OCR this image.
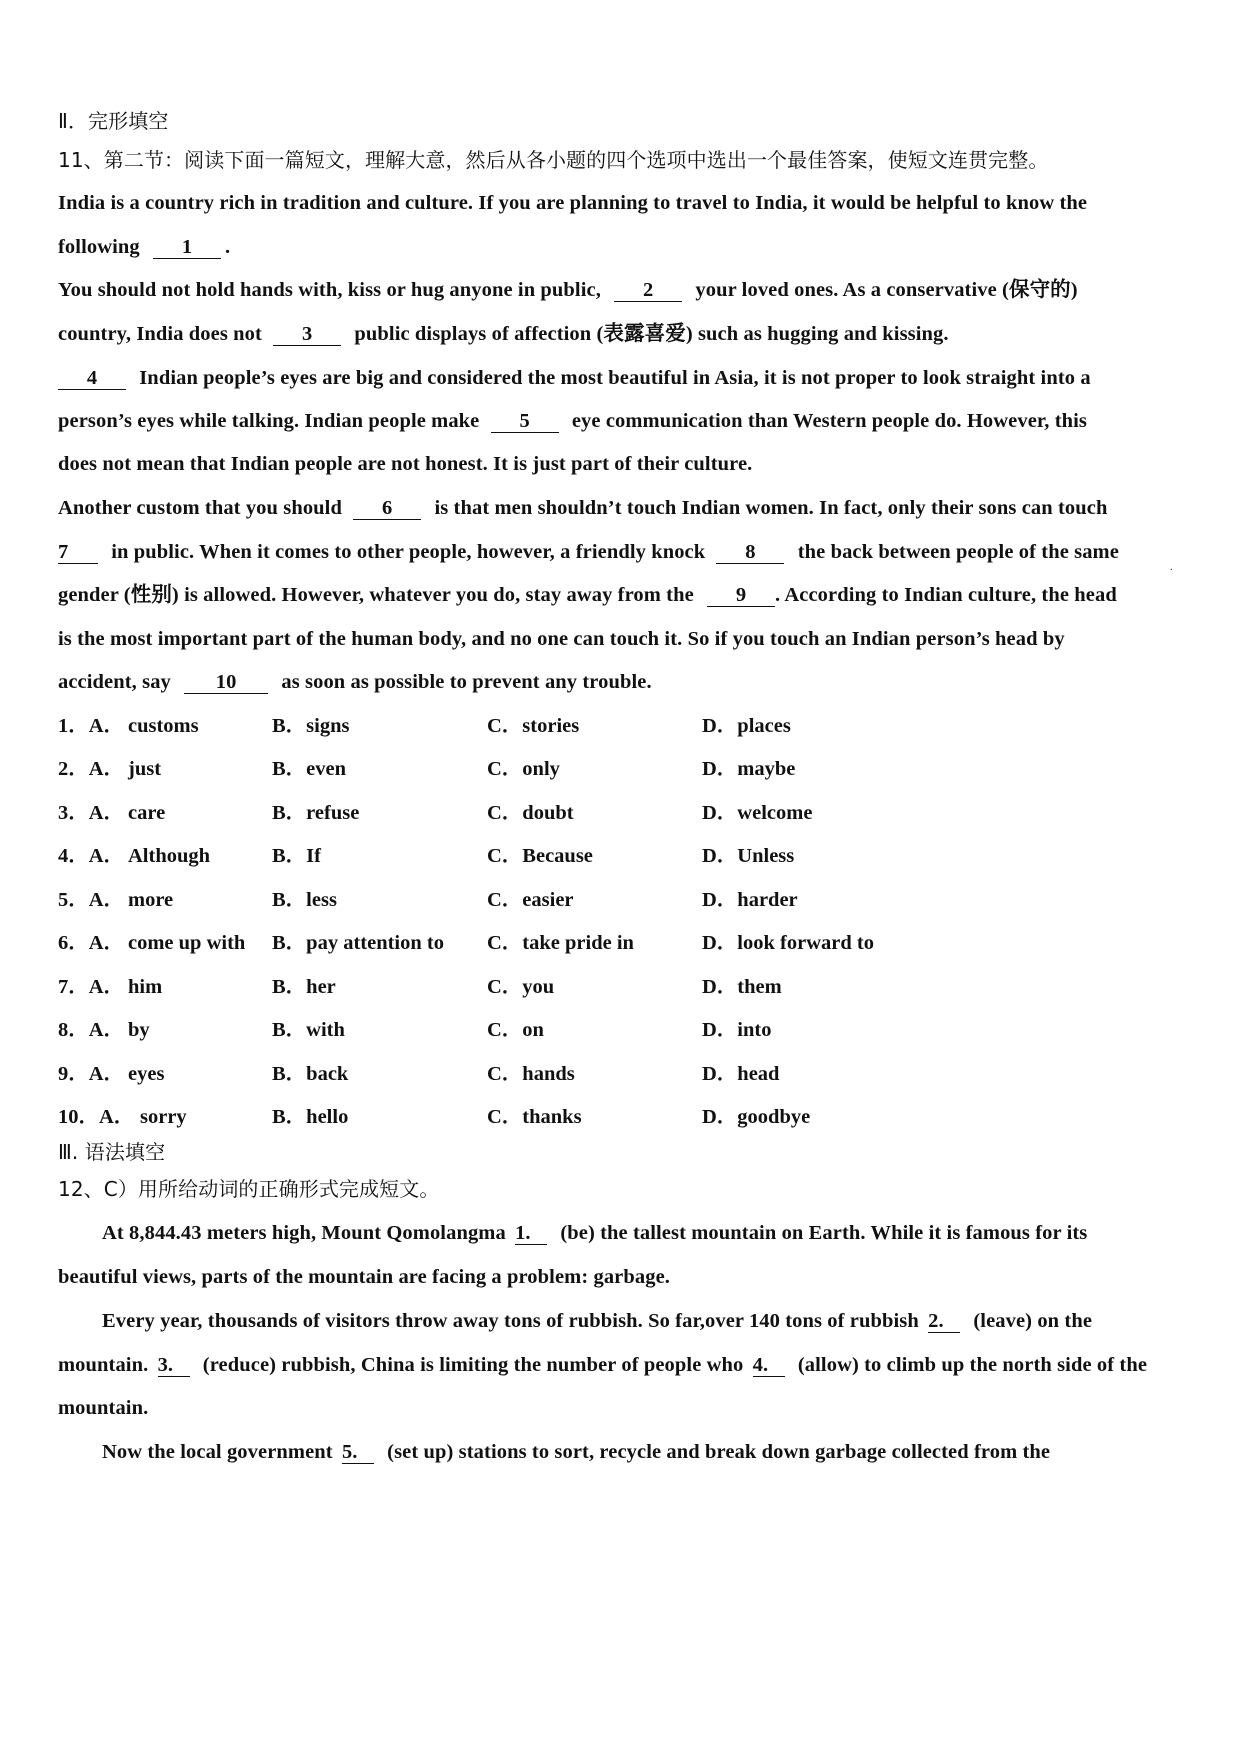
Ⅱ．完形填空
11、第二节：阅读下面一篇短文，理解大意，然后从各小题的四个选项中选出一个最佳答案，使短文连贯完整。
India is a country rich in tradition and culture. If you are planning to travel to India, it would be helpful to know the
following 1 .
You should not hold hands with, kiss or hug anyone in public, 2 your loved ones. As a conservative (保守的)
country, India does not 3 public displays of affection (表露喜爱) such as hugging and kissing.
4 Indian people’s eyes are big and considered the most beautiful in Asia, it is not proper to look straight into a
person’s eyes while talking. Indian people make 5 eye communication than Western people do. However, this
does not mean that Indian people are not honest. It is just part of their culture.
Another custom that you should 6 is that men shouldn’t touch Indian women. In fact, only their sons can touch
7 in public. When it comes to other people, however, a friendly knock 8 the back between people of the same
gender (性别) is allowed. However, whatever you do, stay away from the 9 . According to Indian culture, the head
is the most important part of the human body, and no one can touch it. So if you touch an Indian person’s head by
accident, say 10 as soon as possible to prevent any trouble.
1．A． customs	B．signs	C．stories	D．places
2．A． just	B．even	C．only	D．maybe
3．A． care	B．refuse	C．doubt	D．welcome
4．A． Although	B．If	C．Because	D．Unless
5．A． more	B．less	C．easier	D．harder
6．A． come up with B．pay attention to C．take pride in	D．look forward to
7．A． him	B．her	C．you	D．them
8．A． by	B．with	C．on	D．into
9．A． eyes	B．back	C．hands	D．head
10．A． sorry	B．hello	C．thanks	D．goodbye
Ⅲ. 语法填空
12、C）用所给动词的正确形式完成短文。
At 8,844.43 meters high, Mount Qomolangma 1. (be) the tallest mountain on Earth. While it is famous for its
beautiful views, parts of the mountain are facing a problem: garbage.
Every year, thousands of visitors throw away tons of rubbish. So far,over 140 tons of rubbish 2. (leave) on the
mountain. 3. (reduce) rubbish, China is limiting the number of people who 4. (allow) to climb up the north side of the
mountain.
Now the local government 5. (set up) stations to sort, recycle and break down garbage collected from the
.
